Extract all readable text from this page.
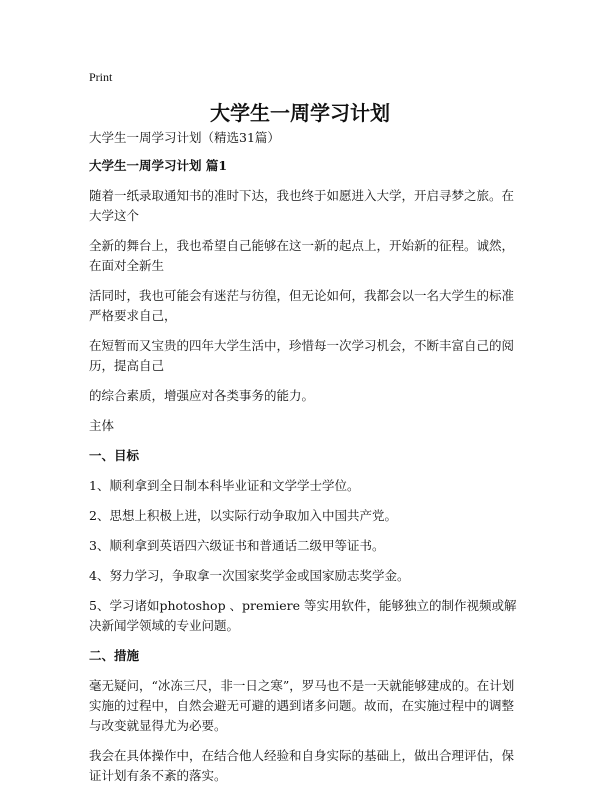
Print
大学生一周学习计划

大学生一周学习计划（精选31篇）

大学生一周学习计划 篇1

随着一纸录取通知书的准时下达，我也终于如愿进入大学，开启寻梦之旅。在大学这个

全新的舞台上，我也希望自己能够在这一新的起点上，开始新的征程。诚然，在面对全新生

活同时，我也可能会有迷茫与彷徨，但无论如何，我都会以一名大学生的标准严格要求自己，

在短暂而又宝贵的四年大学生活中，珍惜每一次学习机会，不断丰富自己的阅历，提高自己

的综合素质，增强应对各类事务的能力。

主体

一、目标

1、顺利拿到全日制本科毕业证和文学学士学位。

2、思想上积极上进，以实际行动争取加入中国共产党。

3、顺利拿到英语四六级证书和普通话二级甲等证书。

4、努力学习，争取拿一次国家奖学金或国家励志奖学金。

5、学习诸如photoshop 、premiere 等实用软件，能够独立的制作视频或解决新闻学领域的专业问题。

二、措施

毫无疑问，“冰冻三尺，非一日之寒”，罗马也不是一天就能够建成的。在计划实施的过程中，自然会避无可避的遇到诸多问题。故而，在实施过程中的调整与改变就显得尤为必要。

我会在具体操作中，在结合他人经验和自身实际的基础上，做出合理评估，保证计划有条不紊的落实。
